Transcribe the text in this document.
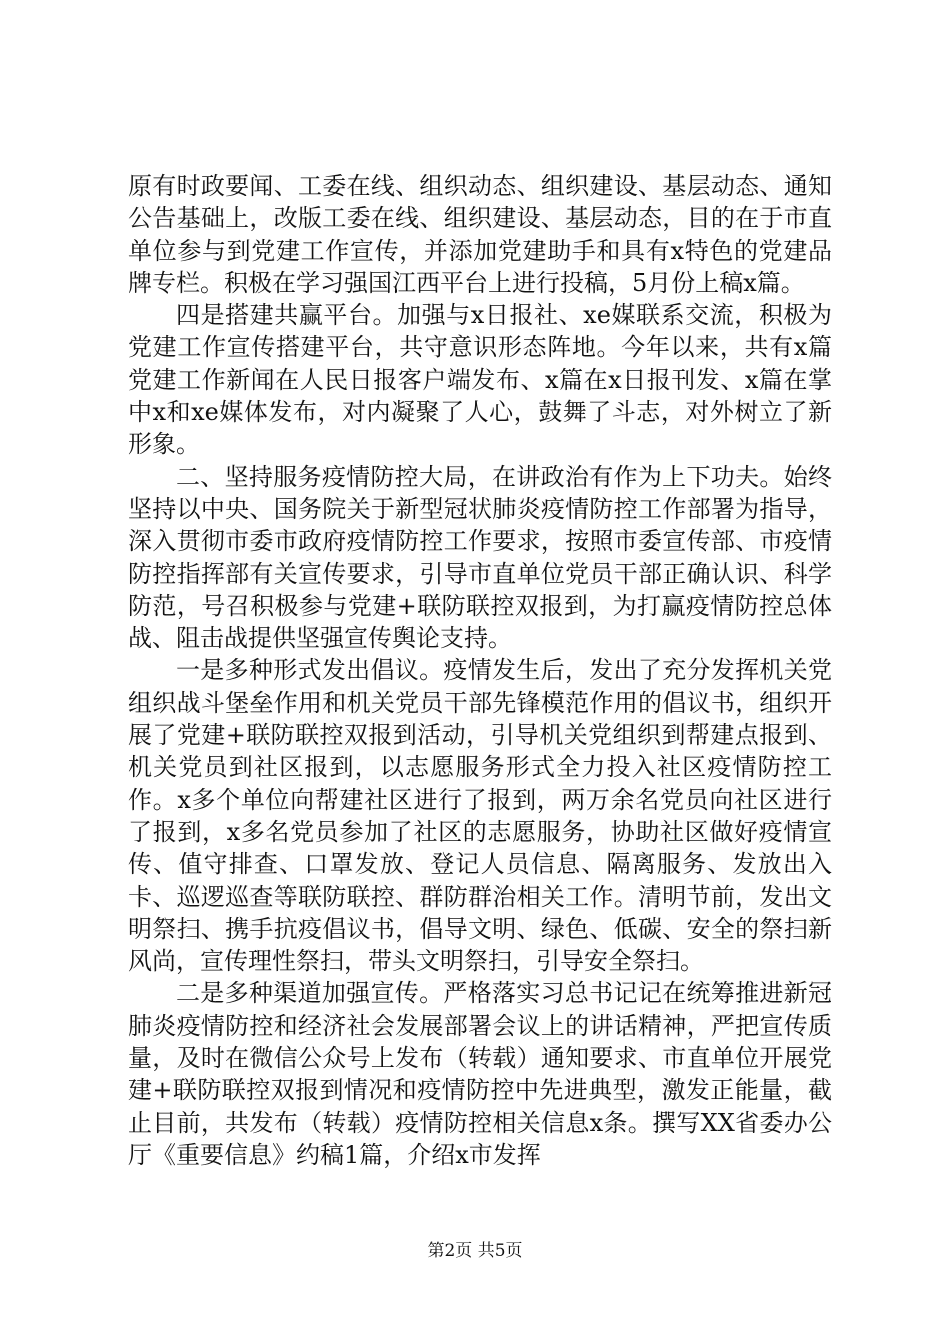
原有时政要闻、工委在线、组织动态、组织建设、基层动态、通知公告基础上，改版工委在线、组织建设、基层动态，目的在于市直单位参与到党建工作宣传，并添加党建助手和具有x特色的党建品牌专栏。积极在学习强国江西平台上进行投稿，5月份上稿x篇。

四是搭建共赢平台。加强与x日报社、xe媒联系交流，积极为党建工作宣传搭建平台，共守意识形态阵地。今年以来，共有x篇党建工作新闻在人民日报客户端发布、x篇在x日报刊发、x篇在掌中x和xe媒体发布，对内凝聚了人心，鼓舞了斗志，对外树立了新形象。

二、坚持服务疫情防控大局，在讲政治有作为上下功夫。始终坚持以中央、国务院关于新型冠状肺炎疫情防控工作部署为指导，深入贯彻市委市政府疫情防控工作要求，按照市委宣传部、市疫情防控指挥部有关宣传要求，引导市直单位党员干部正确认识、科学防范，号召积极参与党建+联防联控双报到，为打赢疫情防控总体战、阻击战提供坚强宣传舆论支持。

一是多种形式发出倡议。疫情发生后，发出了充分发挥机关党组织战斗堡垒作用和机关党员干部先锋模范作用的倡议书，组织开展了党建+联防联控双报到活动，引导机关党组织到帮建点报到、机关党员到社区报到，以志愿服务形式全力投入社区疫情防控工作。x多个单位向帮建社区进行了报到，两万余名党员向社区进行了报到，x多名党员参加了社区的志愿服务，协助社区做好疫情宣传、值守排查、口罩发放、登记人员信息、隔离服务、发放出入卡、巡逻巡查等联防联控、群防群治相关工作。清明节前，发出文明祭扫、携手抗疫倡议书，倡导文明、绿色、低碳、安全的祭扫新风尚，宣传理性祭扫，带头文明祭扫，引导安全祭扫。

二是多种渠道加强宣传。严格落实习总书记记在统筹推进新冠肺炎疫情防控和经济社会发展部署会议上的讲话精神，严把宣传质量，及时在微信公众号上发布（转载）通知要求、市直单位开展党建+联防联控双报到情况和疫情防控中先进典型，激发正能量，截止目前，共发布（转载）疫情防控相关信息x条。撰写XX省委办公厅《重要信息》约稿1篇，介绍x市发挥

第2页 共5页
